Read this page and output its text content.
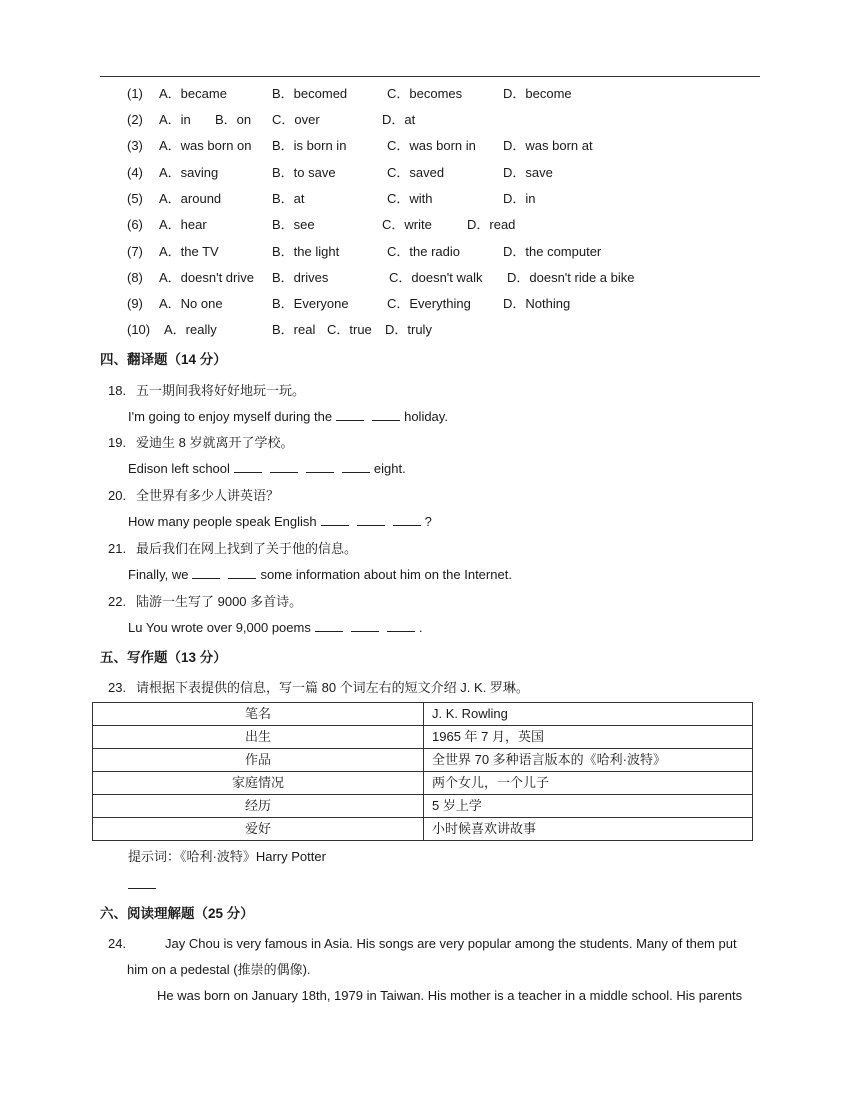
(1) A．became	B．becomed	C．becomes	D．become
(2) A．in B．on C．over	D．at
(3) A．was born on B．is born in	C．was born in D．was born at
(4) A．saving	B．to save	C．saved	D．save
(5) A．around	B．at	C．with	D．in
(6) A．hear	B．see	C．write	D．read
(7) A．the TV	B．the light	C．the radio	D．the computer
(8) A．doesn't drive B．drives	C．doesn't walk D．doesn't ride a bike
(9) A．No one	B．Everyone	C．Everything D．Nothing
(10) A．really	B．real C．true D．truly
四、翻译题（14 分）
18. 五一期间我将好好地玩一玩。
I'm going to enjoy myself during the	holiday.
19. 爱迪生 8 岁就离开了学校。
Edison left school	eight.
20. 全世界有多少人讲英语？
How many people speak English	?
21. 最后我们在网上找到了关于他的信息。
Finally, we	some information about him on the Internet.
22. 陆游一生写了 9000 多首诗。
Lu You wrote over 9,000 poems	.
五、写作题（13 分）
23. 请根据下表提供的信息，写一篇 80 个词左右的短文介绍 J. K. 罗琳。
笔名	J. K. Rowling
出生	1965 年 7 月，英国
作品	全世界 70 多种语言版本的《哈利·波特》
家庭情况	两个女儿，一个儿子
经历	5 岁上学
爱好	小时候喜欢讲故事
提示词：《哈利·波特》Harry Potter
六、阅读理解题（25 分）
24.	Jay Chou is very famous in Asia. His songs are very popular among the students. Many of them put
him on a pedestal (推崇的偶像).
He was born on January 18th, 1979 in Taiwan. His mother is a teacher in a middle school. His parents
